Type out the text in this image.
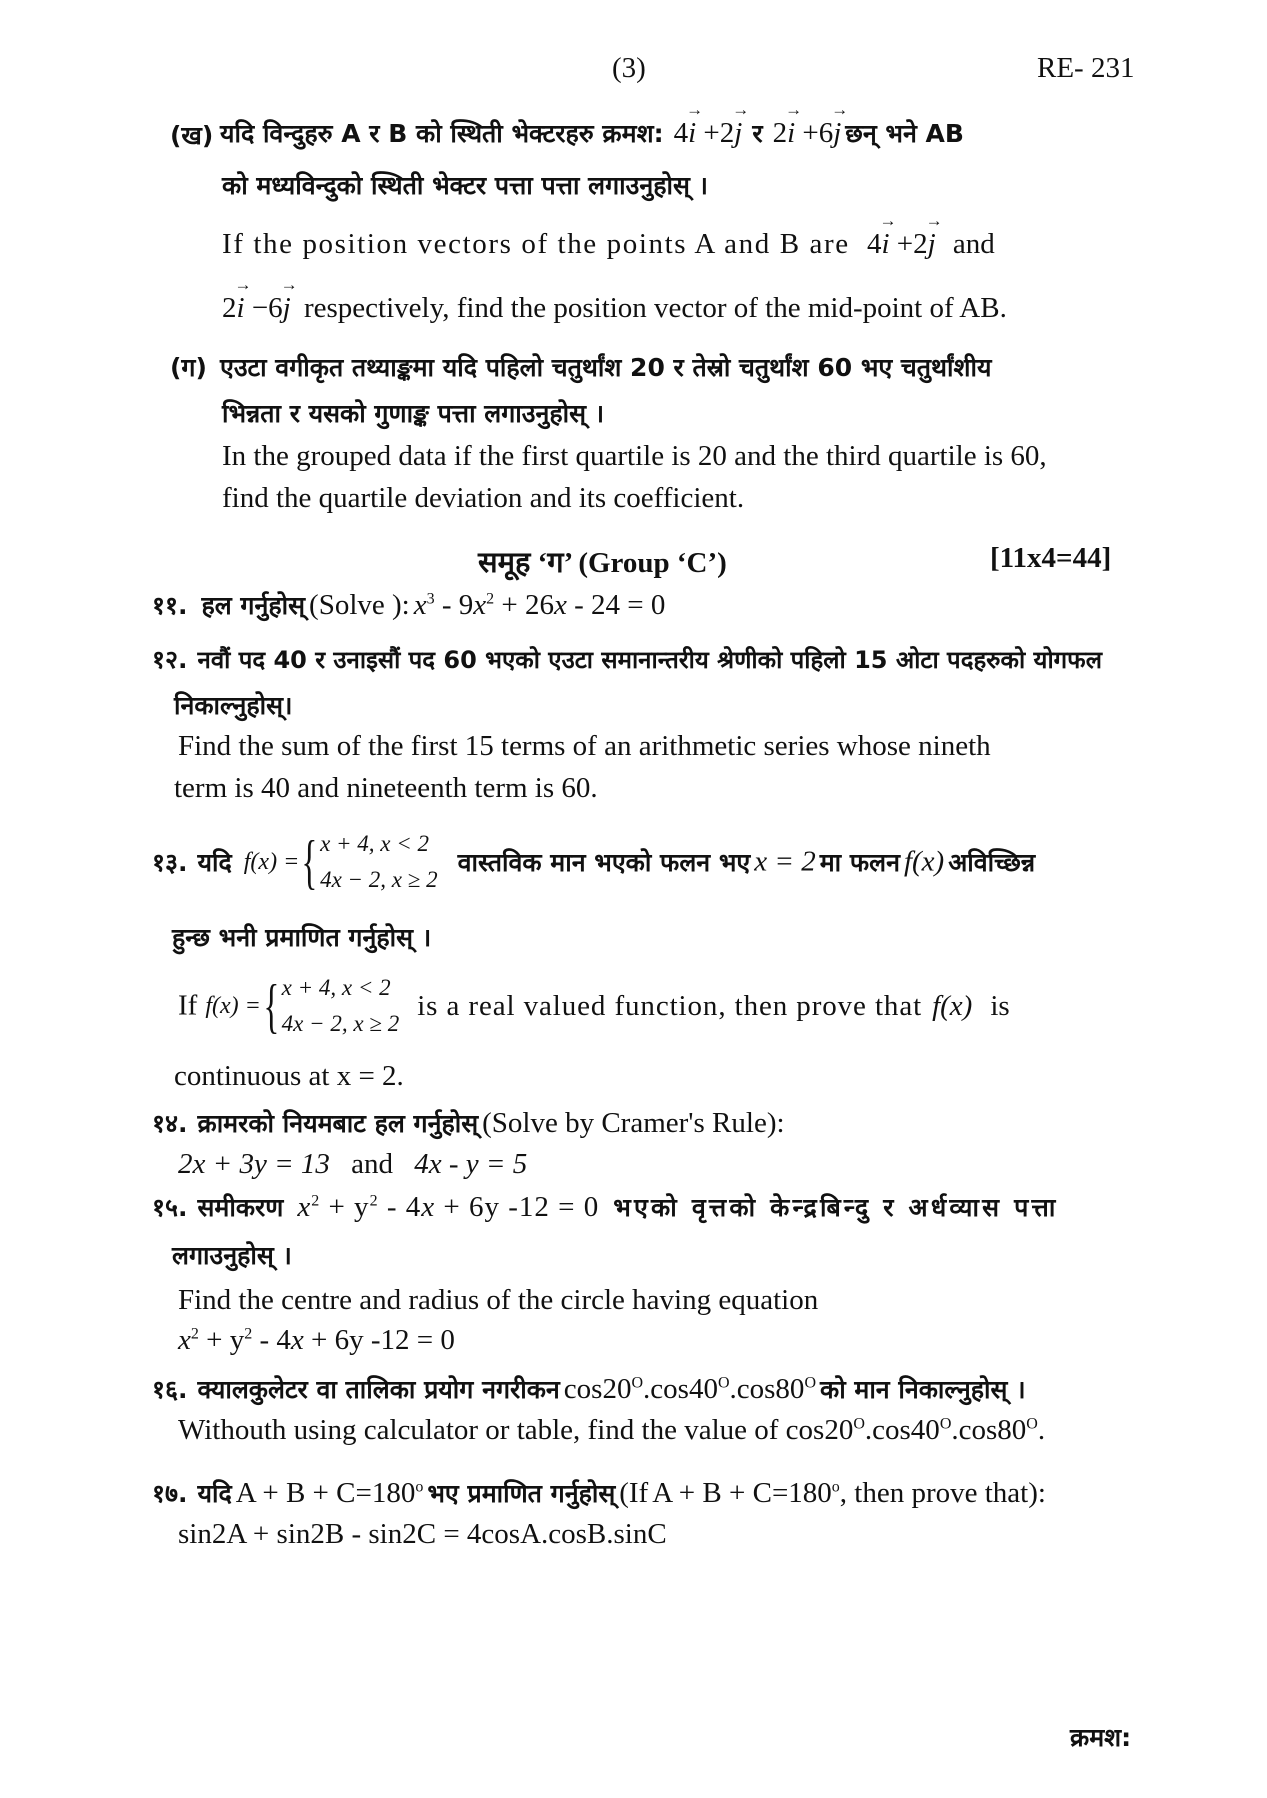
(3)	RE- 231
(ख) यदि विन्दुहरु A र B को स्थिती भेक्टरहरु क्रमश: 4→ i +2→ j र 2→ i +6→ j छन् भने AB
को मध्यविन्दुको स्थिती भेक्टर पत्ता पत्ता लगाउनुहोस् ।
If the position vectors of the points A and B are 4→ i +2→ j and
2→ i −6→ j respectively, find the position vector of the mid-point of AB.
(ग) एउटा वगीकृत तथ्याङ्कमा यदि पहिलो चतुर्थांश 20 र तेस्रो चतुर्थांश 60 भए चतुर्थांशीय
भिन्नता र यसको गुणाङ्क पत्ता लगाउनुहोस् ।
In the grouped data if the first quartile is 20 and the third quartile is 60,
find the quartile deviation and its coefficient.
समूह ‘ग’ (Group ‘C’)	[11x4=44]
११. हल गर्नुहोस् (Solve ): $x^3 - 9x^2 + 26x - 24 = 0$
१२. नवौं पद 40 र उनाइसौं पद 60 भएको एउटा समानान्तरीय श्रेणीको पहिलो 15 ओटा पदहरुको योगफल
निकाल्नुहोस्।
Find the sum of the first 15 terms of an arithmetic series whose nineth
term is 40 and nineteenth term is 60.
१३. यदि f(x) ={ x + 4, x < 2
4x − 2, x ≥ 2 वास्तविक मान भएको फलन भए x = 2 मा फलन f(x) अविच्छिन्न
हुन्छ भनी प्रमाणित गर्नुहोस् ।
If f(x) ={ x + 4, x < 2
4x − 2, x ≥ 2 is a real valued function, then prove that f(x) is
continuous at x = 2.
१४. क्रामरको नियमबाट हल गर्नुहोस् (Solve by Cramer's Rule):
2x + 3y = 13 and 4x - y = 5
१५. समीकरण $x^2 + y^2 - 4x + 6y$ -12 = 0 भएको वृत्तको केन्द्रबिन्दु र अर्धव्यास पत्ता
लगाउनुहोस् ।
Find the centre and radius of the circle having equation
$x^2 + y^2 - 4x + 6y$ -12 = 0
१६. क्यालकुलेटर वा तालिका प्रयोग नगरीकन $\cos 20^O.\cos 40^O.\cos 80^O$ को मान निकाल्नुहोस् ।
Withouth using calculator or table, find the value of $\cos 20^O.\cos 40^O.\cos 80^O$.
१७. यदि $A + B + C=180^o$ भए प्रमाणित गर्नुहोस् (If $A + B + C=180^o$, then prove that):
sin2A + sin2B - sin2C = 4cosA.cosB.sinC
क्रमश:
